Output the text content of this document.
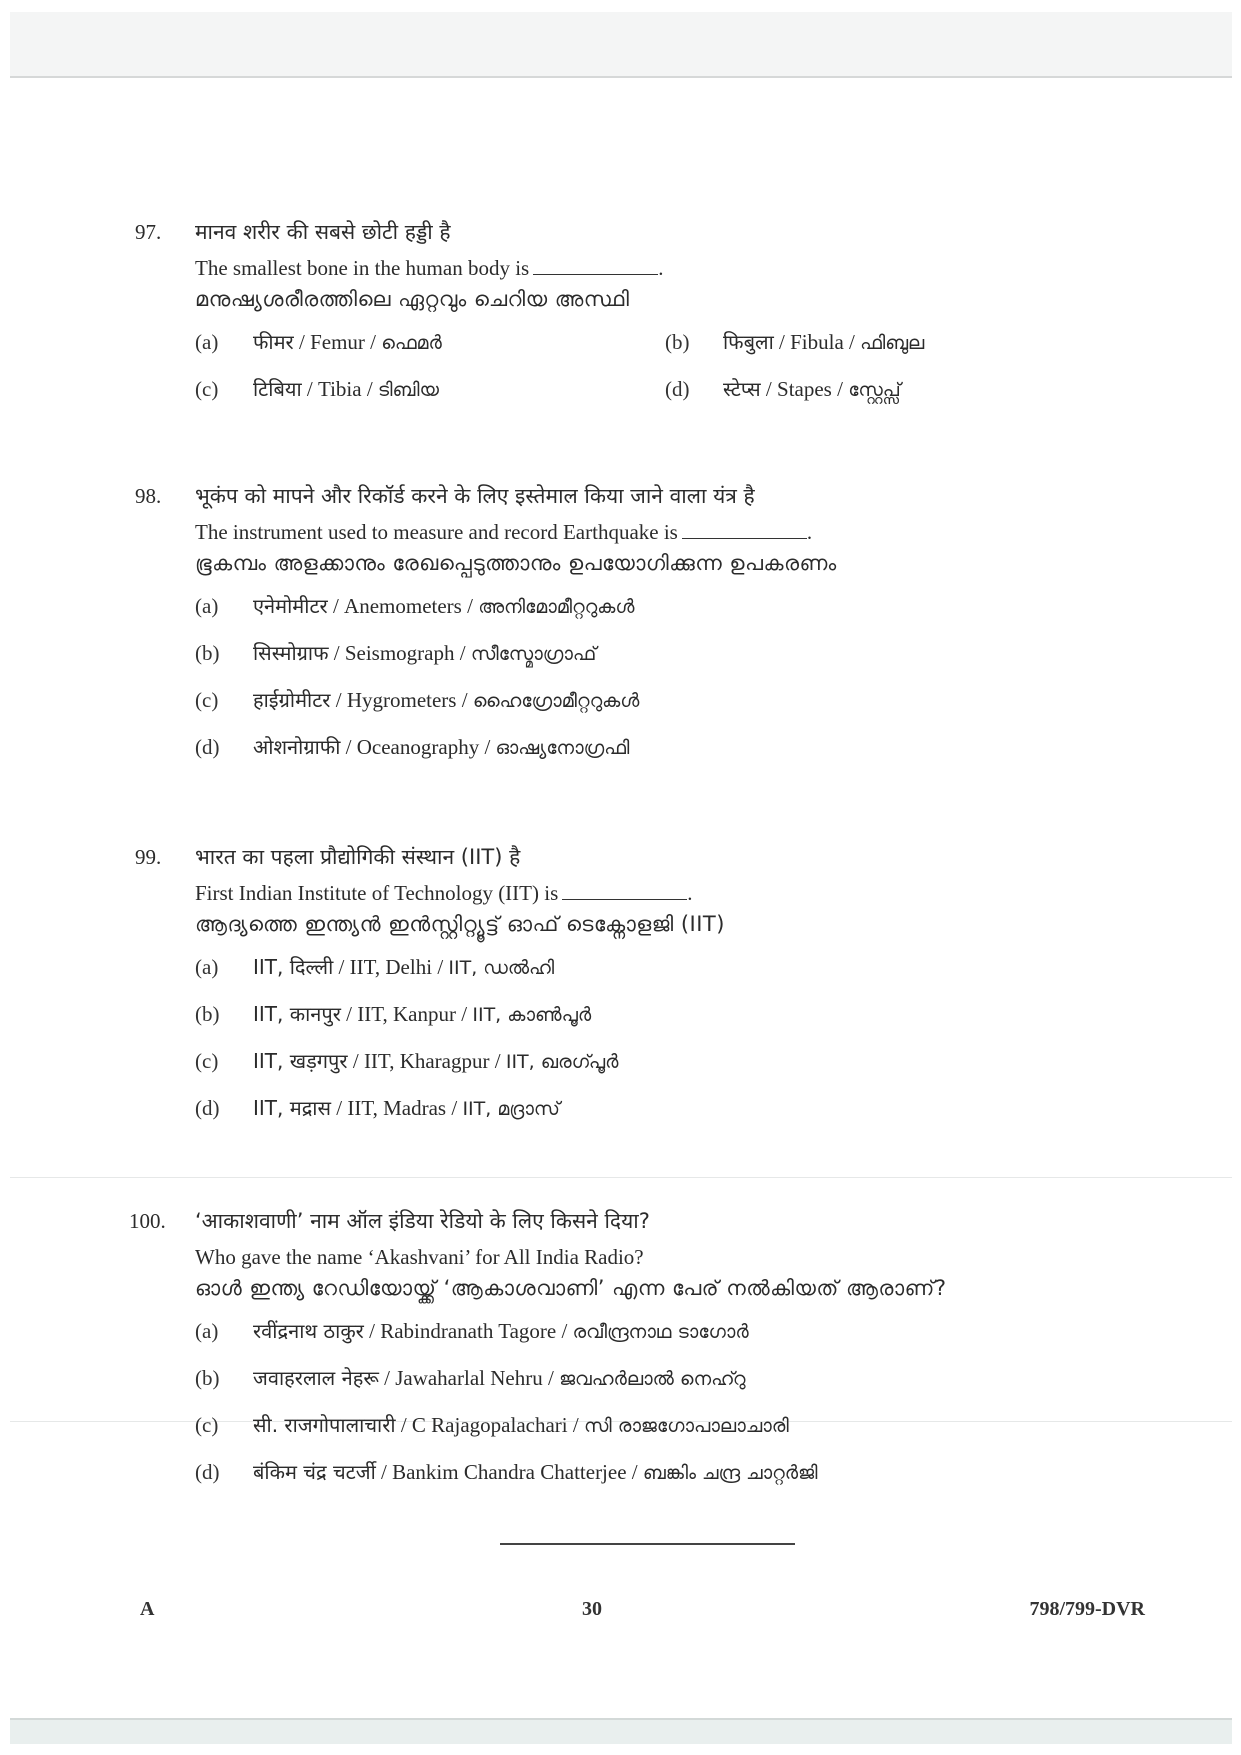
97.	मानव शरीर की सबसे छोटी हड्डी है
The smallest bone in the human body is	.
മനുഷ്യശരീരത്തിലെ ഏറ്റവും ചെറിയ അസ്ഥി
(a)	फीमर / Femur / ഫെമർ	(b)	फिबुला / Fibula / ഫിബുല
(c)	टिबिया / Tibia / ടിബിയ	(d)	स्टेप्स / Stapes / സ്റ്റേപ്സ്
98.	भूकंप को मापने और रिकॉर्ड करने के लिए इस्तेमाल किया जाने वाला यंत्र है
The instrument used to measure and record Earthquake is	.
ഭൂകമ്പം അളക്കാനും രേഖപ്പെടുത്താനും ഉപയോഗിക്കുന്ന ഉപകരണം
(a)	एनेमोमीटर / Anemometers / അനിമോമീറ്ററുകൾ
(b)	सिस्मोग्राफ / Seismograph / സീസ്മോഗ്രാഫ്
(c)	हाईग्रोमीटर / Hygrometers / ഹൈഗ്രോമീറ്ററുകൾ
(d)	ओशनोग्राफी / Oceanography / ഓഷ്യനോഗ്രഫി
99.	भारत का पहला प्रौद्योगिकी संस्थान (IIT) है
First Indian Institute of Technology (IIT) is	.
ആദ്യത്തെ ഇന്ത്യൻ ഇൻസ്റ്റിറ്റ്യൂട്ട് ഓഫ് ടെക്നോളജി (IIT)
(a)	IIT, दिल्ली / IIT, Delhi / IIT, ഡൽഹി
(b)	IIT, कानपुर / IIT, Kanpur / IIT, കാൺപൂർ
(c)	IIT, खड़गपुर / IIT, Kharagpur / IIT, ഖരഗ്പൂർ
(d)	IIT, मद्रास / IIT, Madras / IIT, മദ്രാസ്
100.	‘आकाशवाणी’ नाम ऑल इंडिया रेडियो के लिए किसने दिया?
Who gave the name ‘Akashvani’ for All India Radio?
ഓൾ ഇന്ത്യ റേഡിയോയ്ക്ക് ‘ആകാശവാണി’ എന്ന പേര് നൽകിയത് ആരാണ്?
(a)	रवींद्रनाथ ठाकुर / Rabindranath Tagore / രവീന്ദ്രനാഥ ടാഗോർ
(b)	जवाहरलाल नेहरू / Jawaharlal Nehru / ജവഹർലാൽ നെഹ്റു
(c)	सी. राजगोपालाचारी / C Rajagopalachari / സി രാജഗോപാലാചാരി
(d)	बंकिम चंद्र चटर्जी / Bankim Chandra Chatterjee / ബങ്കിം ചന്ദ്ര ചാറ്റർജി
A	30	798/799-DVR
